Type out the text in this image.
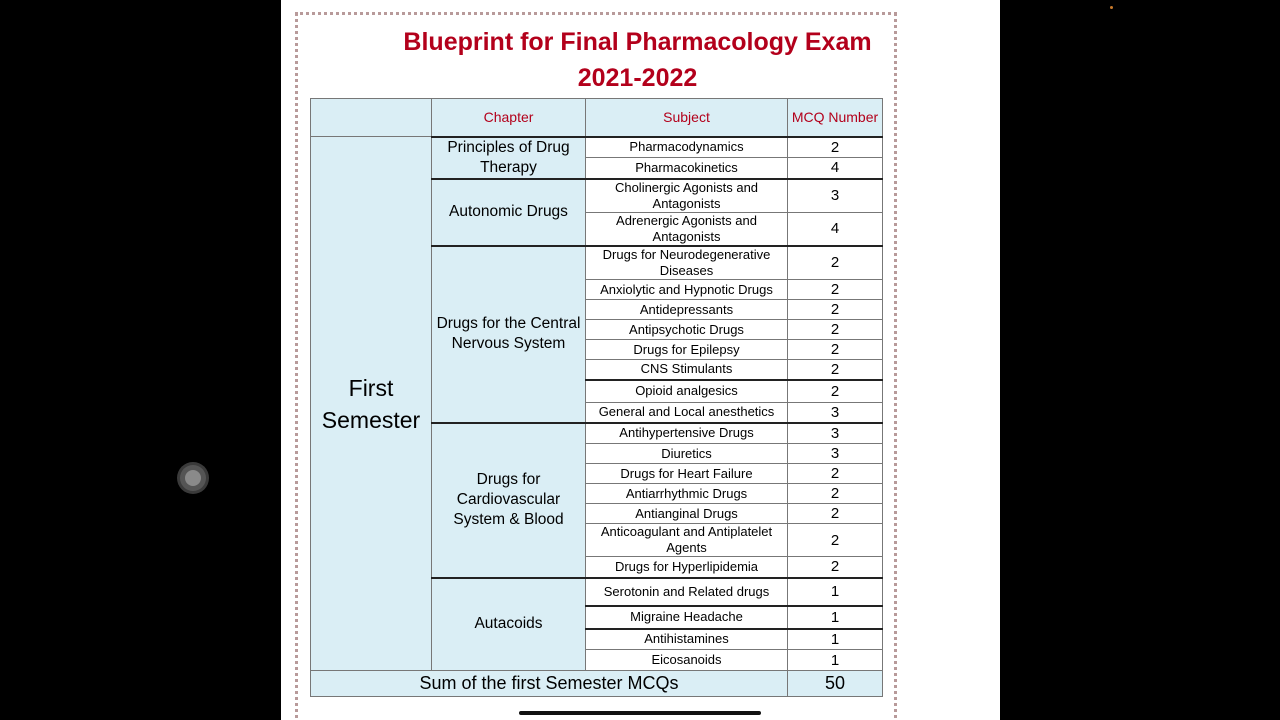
Blueprint for Final Pharmacology Exam
2021-2022
	Chapter	Subject	MCQ Number
First Semester	Principles of Drug Therapy	Pharmacodynamics	2
		Pharmacokinetics	4
	Autonomic Drugs	Cholinergic Agonists and Antagonists	3
		Adrenergic Agonists and Antagonists	4
	Drugs for the Central Nervous System	Drugs for Neurodegenerative Diseases	2
		Anxiolytic and Hypnotic Drugs	2
		Antidepressants	2
		Antipsychotic Drugs	2
		Drugs for Epilepsy	2
		CNS Stimulants	2
		Opioid analgesics	2
		General and Local anesthetics	3
	Drugs for Cardiovascular System & Blood	Antihypertensive Drugs	3
		Diuretics	3
		Drugs for Heart Failure	2
		Antiarrhythmic Drugs	2
		Antianginal Drugs	2
		Anticoagulant and Antiplatelet Agents	2
		Drugs for Hyperlipidemia	2
	Autacoids	Serotonin and Related drugs	1
		Migraine Headache	1
		Antihistamines	1
		Eicosanoids	1
Sum of the first Semester MCQs			50
